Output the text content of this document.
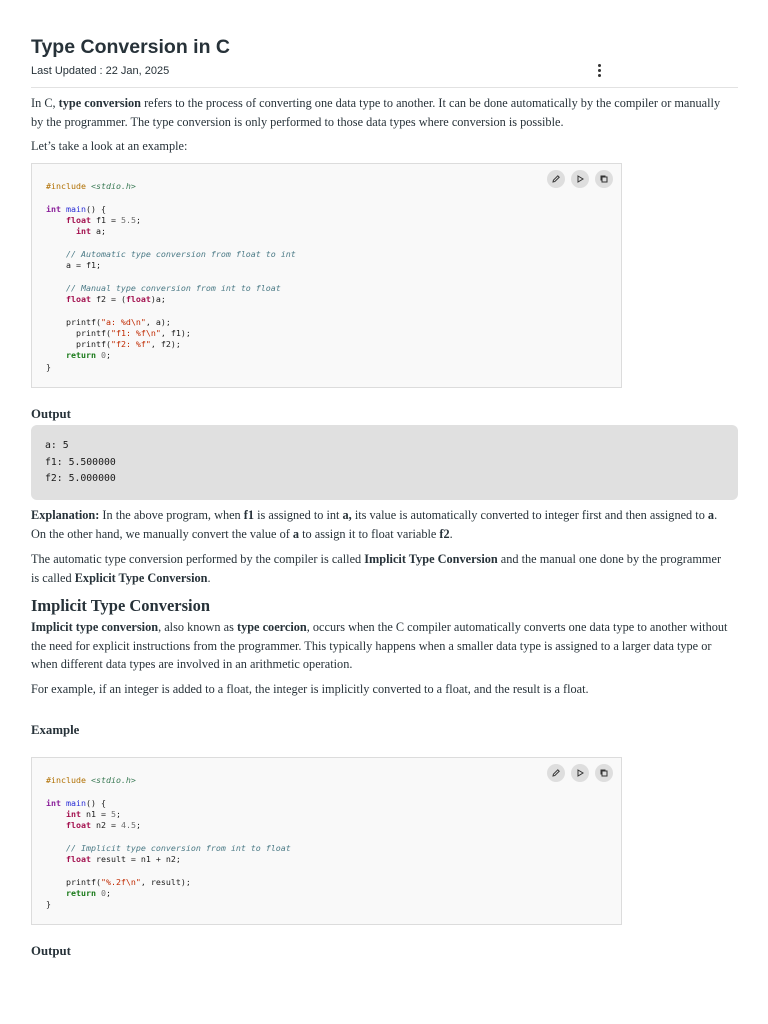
Type Conversion in C
Last Updated : 22 Jan, 2025

In C, type conversion refers to the process of converting one data type to another. It can be done automatically by the compiler or manually by the programmer. The type conversion is only performed to those data types where conversion is possible.

Let’s take a look at an example:

#include <stdio.h>

int main() {
float f1 = 5.5;
int a;

// Automatic type conversion from float to int
a = f1;

// Manual type conversion from int to float
float f2 = (float)a;

printf("a: %d\n", a);
printf("f1: %f\n", f1);
printf("f2: %f", f2);
return 0;
}
Output
a: 5
f1: 5.500000
f2: 5.000000

Explanation: In the above program, when f1 is assigned to int a, its value is automatically converted to integer first and then assigned to a. On the other hand, we manually convert the value of a to assign it to float variable f2.

The automatic type conversion performed by the compiler is called Implicit Type Conversion and the manual one done by the programmer is called Explicit Type Conversion.

Implicit Type Conversion

Implicit type conversion, also known as type coercion, occurs when the C compiler automatically converts one data type to another without the need for explicit instructions from the programmer. This typically happens when a smaller data type is assigned to a larger data type or when different data types are involved in an arithmetic operation.

For example, if an integer is added to a float, the integer is implicitly converted to a float, and the result is a float.

Example
#include <stdio.h>

int main() {
int n1 = 5;
float n2 = 4.5;

// Implicit type conversion from int to float
float result = n1 + n2;

printf("%.2f\n", result);
return 0;
}
Output
